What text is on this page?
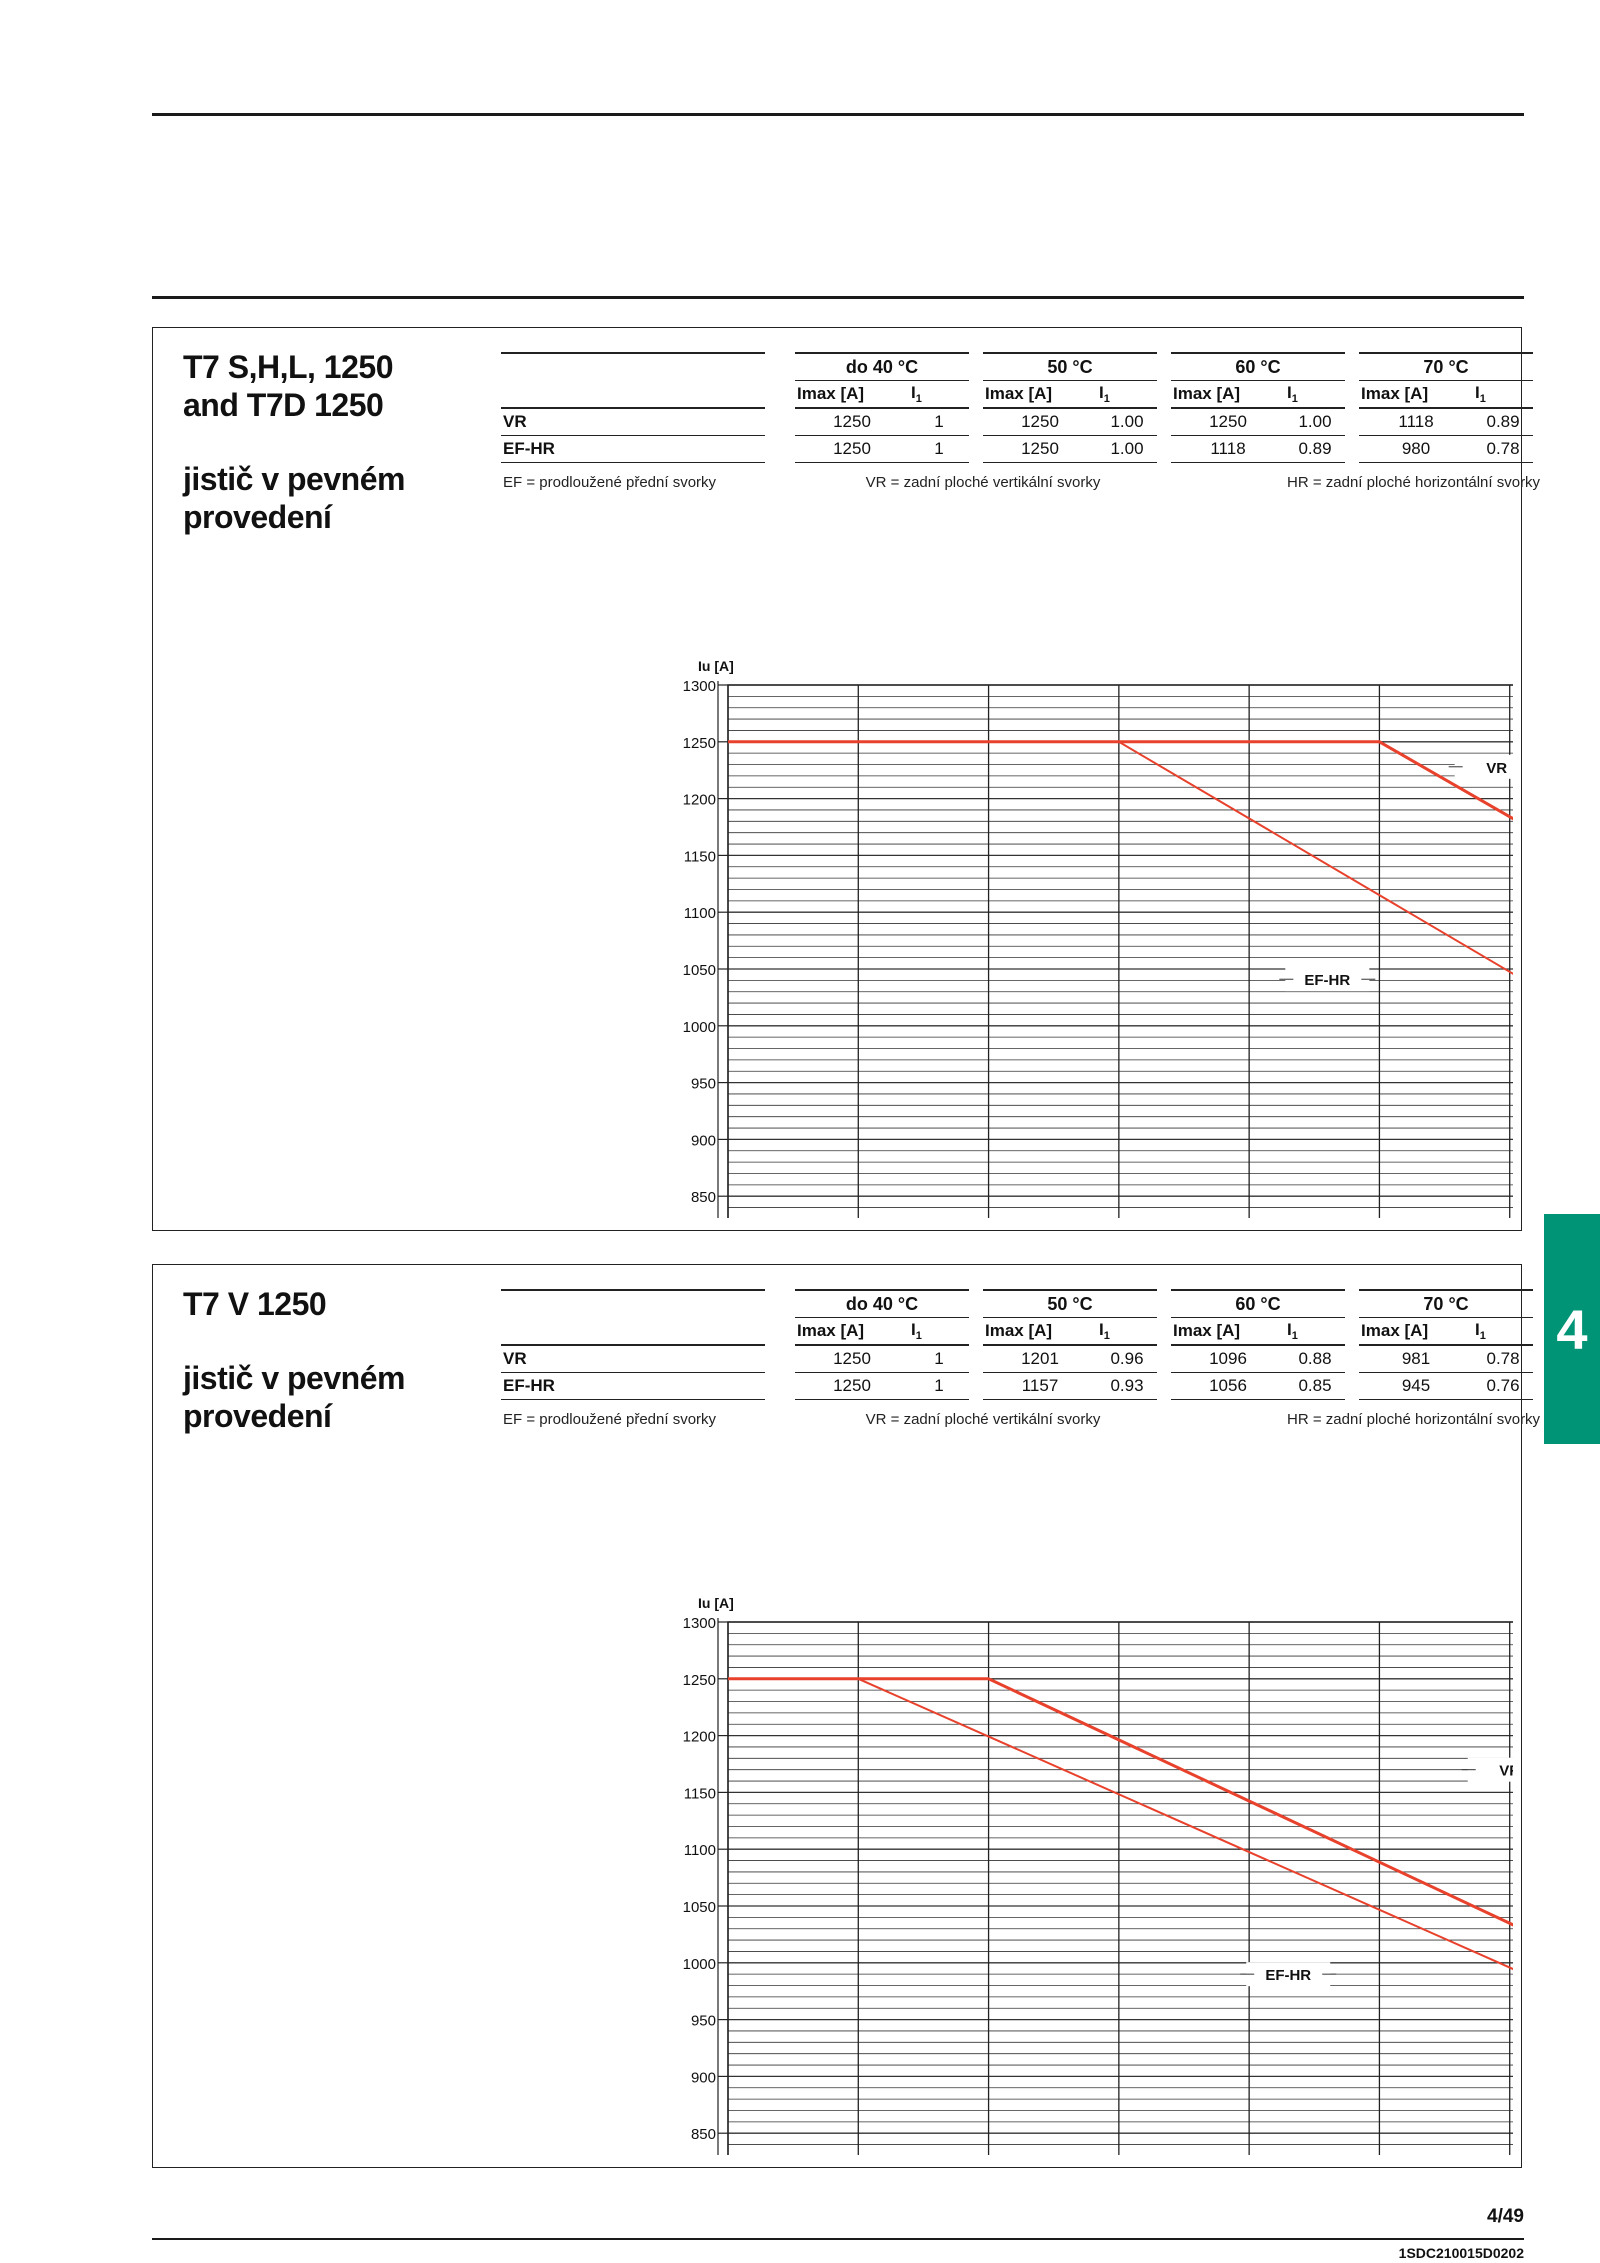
T7 S,H,L, 1250
and T7D 1250
jistič v pevném
provedení
		do 40 °C			50 °C			60 °C			70 °C	
		Imax [A]	$I_1$		Imax [A]	$I_1$		Imax [A]	$I_1$		Imax [A]	$I_1$
VR		1250	1		1250	1.00		1250	1.00		1118	0.89
EF-HR		1250	1		1250	1.00		1118	0.89		980	0.78
EF = prodloužené přední svorky		VR = zadní ploché vertikální svorky							HR = zadní ploché horizontální svorky			
850
900
950
1000
1050
1100
1150
1200
1250
1300
Iu [A]
VR
EF-HR
T7 V 1250
jistič v pevném
provedení
		do 40 °C			50 °C			60 °C			70 °C	
		Imax [A]	$I_1$		Imax [A]	$I_1$		Imax [A]	$I_1$		Imax [A]	$I_1$
VR		1250	1		1201	0.96		1096	0.88		981	0.78
EF-HR		1250	1		1157	0.93		1056	0.85		945	0.76
EF = prodloužené přední svorky		VR = zadní ploché vertikální svorky							HR = zadní ploché horizontální svorky			
850
900
950
1000
1050
1100
1150
1200
1250
1300
Iu [A]
V
EF-HR
4
4/49
1SDC210015D0202
